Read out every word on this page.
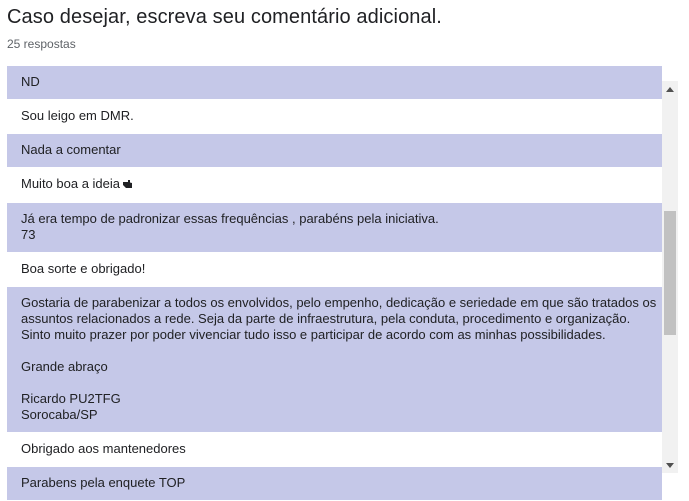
Caso desejar, escreva seu comentário adicional.
25 respostas
ND
Sou leigo em DMR.
Nada a comentar
Muito boa a ideia
Já era tempo de padronizar essas frequências , parabéns pela iniciativa.
73
Boa sorte e obrigado!
Gostaria de parabenizar a todos os envolvidos, pelo empenho, dedicação e seriedade em que são tratados os
assuntos relacionados a rede. Seja da parte de infraestrutura, pela conduta, procedimento e organização.
Sinto muito prazer por poder vivenciar tudo isso e participar de acordo com as minhas possibilidades.
Grande abraço
Ricardo PU2TFG
Sorocaba/SP
Obrigado aos mantenedores
Parabens pela enquete TOP
